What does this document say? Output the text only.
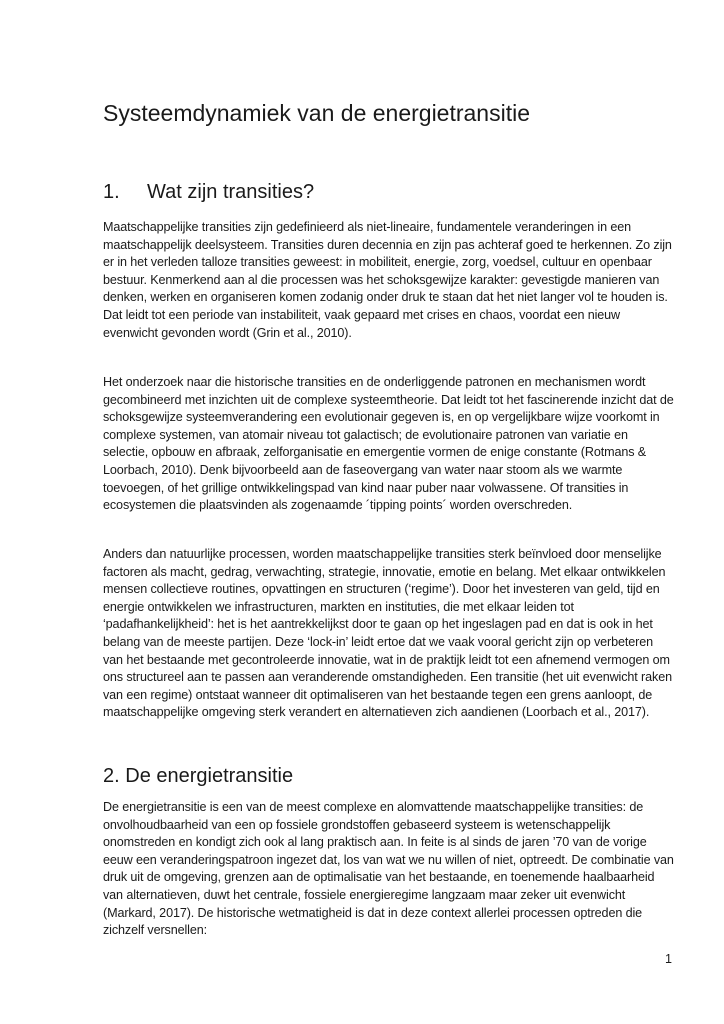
Systeemdynamiek van de energietransitie
1. Wat zijn transities?

Maatschappelijke transities zijn gedefinieerd als niet-lineaire, fundamentele veranderingen in een maatschappelijk deelsysteem. Transities duren decennia en zijn pas achteraf goed te herkennen. Zo zijn er in het verleden talloze transities geweest: in mobiliteit, energie, zorg, voedsel, cultuur en openbaar bestuur. Kenmerkend aan al die processen was het schoksgewijze karakter: gevestigde manieren van denken, werken en organiseren komen zodanig onder druk te staan dat het niet langer vol te houden is. Dat leidt tot een periode van instabiliteit, vaak gepaard met crises en chaos, voordat een nieuw evenwicht gevonden wordt (Grin et al., 2010).

Het onderzoek naar die historische transities en de onderliggende patronen en mechanismen wordt gecombineerd met inzichten uit de complexe systeemtheorie. Dat leidt tot het fascinerende inzicht dat de schoksgewijze systeemverandering een evolutionair gegeven is, en op vergelijkbare wijze voorkomt in complexe systemen, van atomair niveau tot galactisch; de evolutionaire patronen van variatie en selectie, opbouw en afbraak, zelforganisatie en emergentie vormen de enige constante (Rotmans & Loorbach, 2010). Denk bijvoorbeeld aan de faseovergang van water naar stoom als we warmte toevoegen, of het grillige ontwikkelingspad van kind naar puber naar volwassene. Of transities in ecosystemen die plaatsvinden als zogenaamde ´tipping points´ worden overschreden.

Anders dan natuurlijke processen, worden maatschappelijke transities sterk beïnvloed door menselijke factoren als macht, gedrag, verwachting, strategie, innovatie, emotie en belang. Met elkaar ontwikkelen mensen collectieve routines, opvattingen en structuren (‘regime’). Door het investeren van geld, tijd en energie ontwikkelen we infrastructuren, markten en instituties, die met elkaar leiden tot ‘padafhankelijkheid’: het is het aantrekkelijkst door te gaan op het ingeslagen pad en dat is ook in het belang van de meeste partijen. Deze ‘lock-in’ leidt ertoe dat we vaak vooral gericht zijn op verbeteren van het bestaande met gecontroleerde innovatie, wat in de praktijk leidt tot een afnemend vermogen om ons structureel aan te passen aan veranderende omstandigheden. Een transitie (het uit evenwicht raken van een regime) ontstaat wanneer dit optimaliseren van het bestaande tegen een grens aanloopt, de maatschappelijke omgeving sterk verandert en alternatieven zich aandienen (Loorbach et al., 2017).

2. De energietransitie

De energietransitie is een van de meest complexe en alomvattende maatschappelijke transities: de onvolhoudbaarheid van een op fossiele grondstoffen gebaseerd systeem is wetenschappelijk onomstreden en kondigt zich ook al lang praktisch aan. In feite is al sinds de jaren ’70 van de vorige eeuw een veranderingspatroon ingezet dat, los van wat we nu willen of niet, optreedt. De combinatie van druk uit de omgeving, grenzen aan de optimalisatie van het bestaande, en toenemende haalbaarheid van alternatieven, duwt het centrale, fossiele energieregime langzaam maar zeker uit evenwicht (Markard, 2017). De historische wetmatigheid is dat in deze context allerlei processen optreden die zichzelf versnellen:

1
